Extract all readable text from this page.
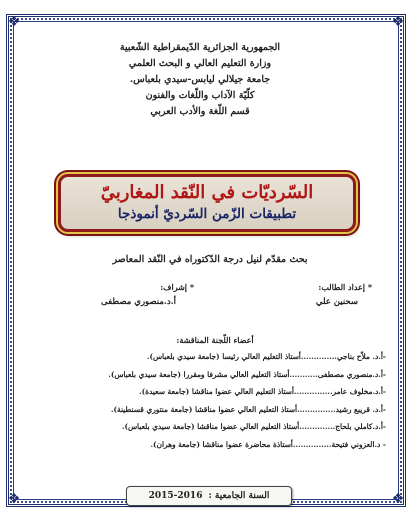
❖	❖
❖	❖
الجمهورية الجزائرية الدّيمقراطية الشّعبية
وزارة التعليم العالي و البحث العلمي
جامعة جيلالي ليابس-سيدي بلعباس.
كلّيّة الآداب واللّغات والفنون
قسم اللّغة والأدب العربي
السّرديّات في النّقد المغاربيّ
تطبيقات الزّمن السّرديّ أنموذجا
بحث مقدّم لنيل درجة الدّكتوراه في النّقد المعاصر
* إعداد الطالب:
* إشراف:
سحنين علي
أ.د.منصوري مصطفى
أعضاء اللّجنة المناقشة:
-أ.د. ملاّح بناجي..............أستاذ التعليم العالي رئيسا (جامعة سيدي بلعباس).
-أ.د.منصوري مصطفى...........أستاذ التعليم العالي مشرفا ومقررا (جامعة سيدي بلعباس).
-أ.د.مخلوف عامر...............أستاذ التعليم العالي عضوا مناقشا (جامعة سعيدة).
-أ.د. قريبع رشيد...............أستاذ التعليم العالي عضوا مناقشا (جامعة منتوري قسنطينة).
-أ.د.كاملي بلحاج..............أستاذ التعليم العالي عضوا مناقشا (جامعة سيدي بلعباس).
- د.العزوني فتيحة...............أستاذة محاضرة عضوا مناقشا (جامعة وهران).
السنة الجامعية :
2015-2016
